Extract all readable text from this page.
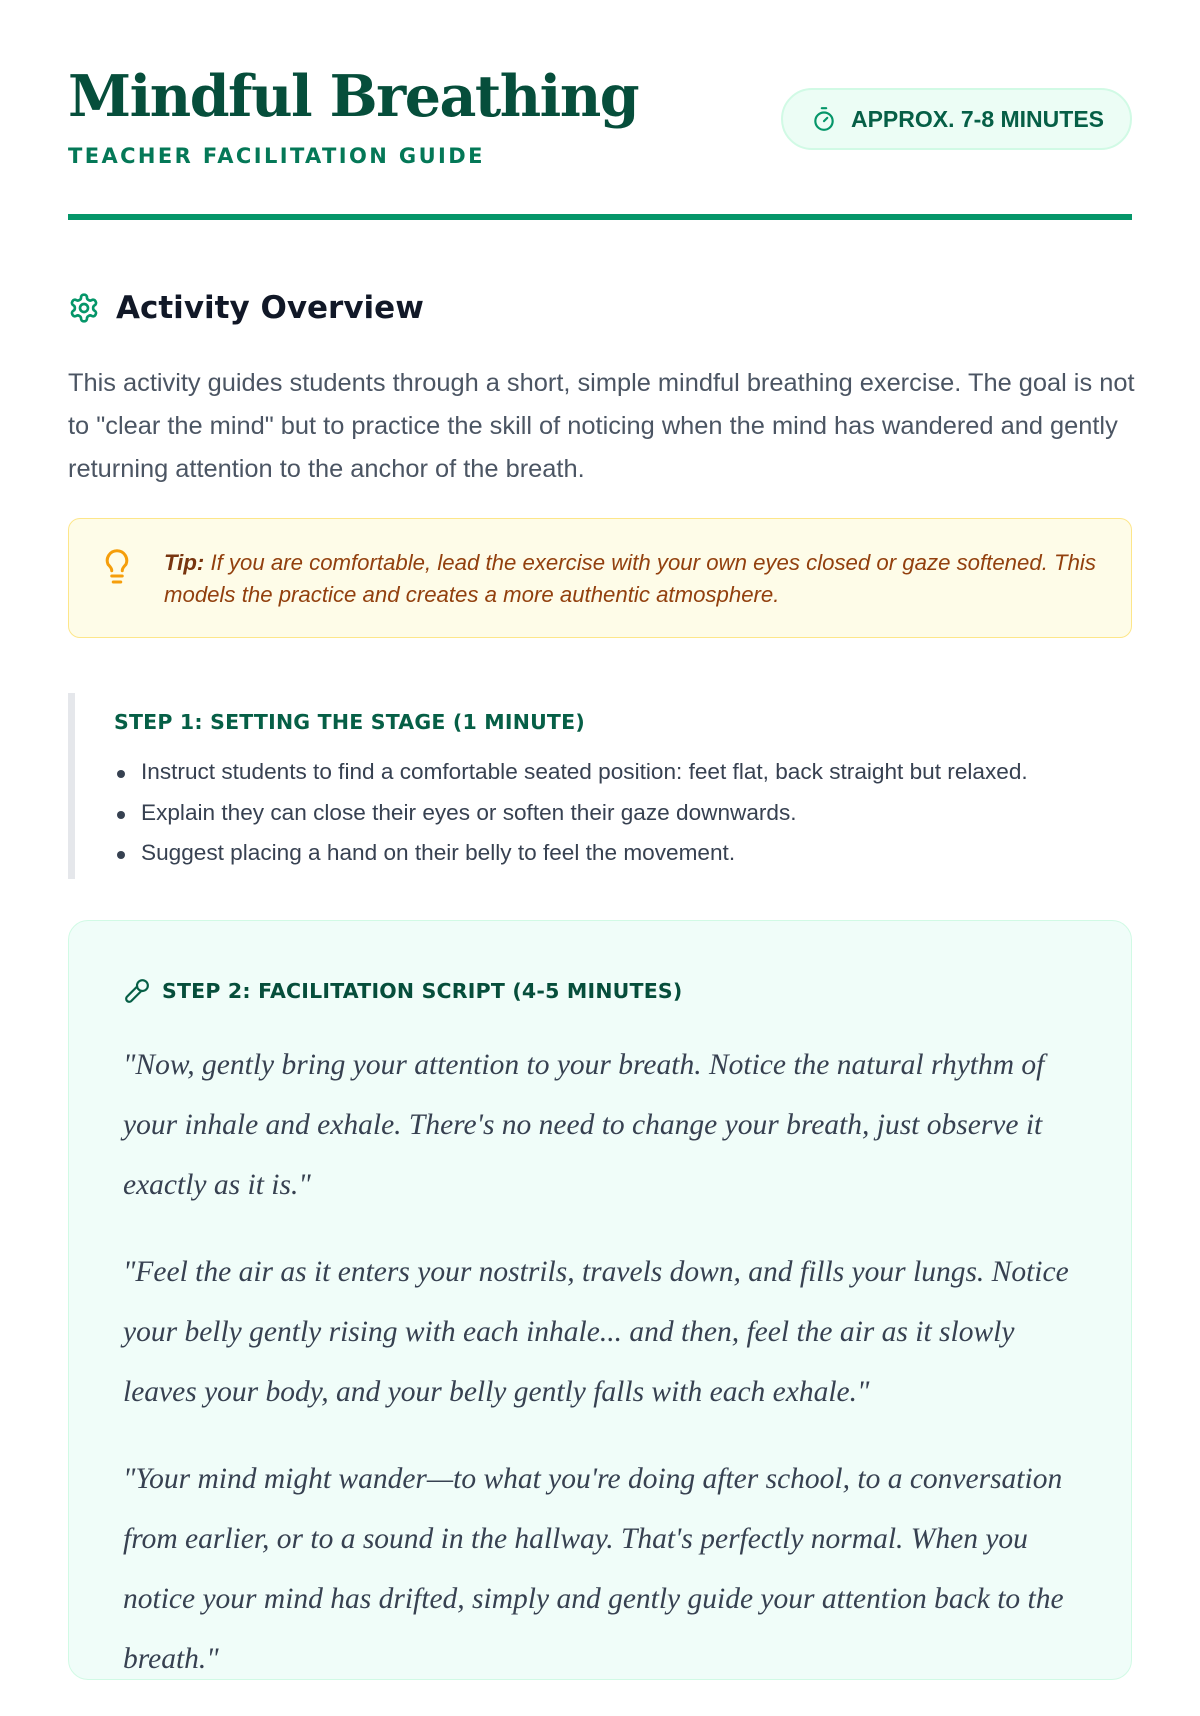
Mindful Breathing
TEACHER FACILITATION GUIDE
APPROX. 7-8 MINUTES
Activity Overview

This activity guides students through a short, simple mindful breathing exercise. The goal is not to "clear the mind" but to practice the skill of noticing when the mind has wandered and gently returning attention to the anchor of the breath.

Tip: If you are comfortable, lead the exercise with your own eyes closed or gaze softened. This models the practice and creates a more authentic atmosphere.

STEP 1: SETTING THE STAGE (1 MINUTE)
Instruct students to find a comfortable seated position: feet flat, back straight but relaxed.
Explain they can close their eyes or soften their gaze downwards.
Suggest placing a hand on their belly to feel the movement.
STEP 2: FACILITATION SCRIPT (4-5 MINUTES)

"Now, gently bring your attention to your breath. Notice the natural rhythm of your inhale and exhale. There's no need to change your breath, just observe it exactly as it is."

"Feel the air as it enters your nostrils, travels down, and fills your lungs. Notice your belly gently rising with each inhale... and then, feel the air as it slowly leaves your body, and your belly gently falls with each exhale."

"Your mind might wander—to what you're doing after school, to a conversation from earlier, or to a sound in the hallway. That's perfectly normal. When you notice your mind has drifted, simply and gently guide your attention back to the breath."
